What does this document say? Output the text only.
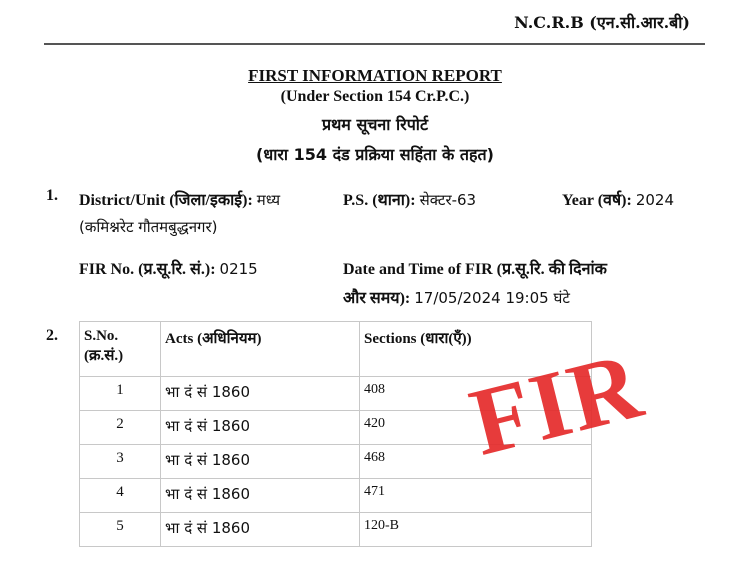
N.C.R.B (एन.सी.आर.बी)
FIRST INFORMATION REPORT
(Under Section 154 Cr.P.C.)
प्रथम सूचना रिपोर्ट
(धारा 154 दंड प्रक्रिया सहिंता के तहत)
1. District/Unit (जिला/इकाई): मध्य
(कमिश्नरेट गौतमबुद्धनगर)
P.S. (थाना): सेक्टर-63	Year (वर्ष): 2024
FIR No. (प्र.सू.रि. सं.): 0215	Date and Time of FIR (प्र.सू.रि. की दिनांक
और समय): 17/05/2024 19:05 घंटे
2. S.No.
(क्र.सं.)	Acts (अधिनियम)	Sections (धारा(एँ))
1	भा दं सं 1860	408
2	भा दं सं 1860	420
3	भा दं सं 1860	468
4	भा दं सं 1860	471
5	भा दं सं 1860	120-B
FIR
